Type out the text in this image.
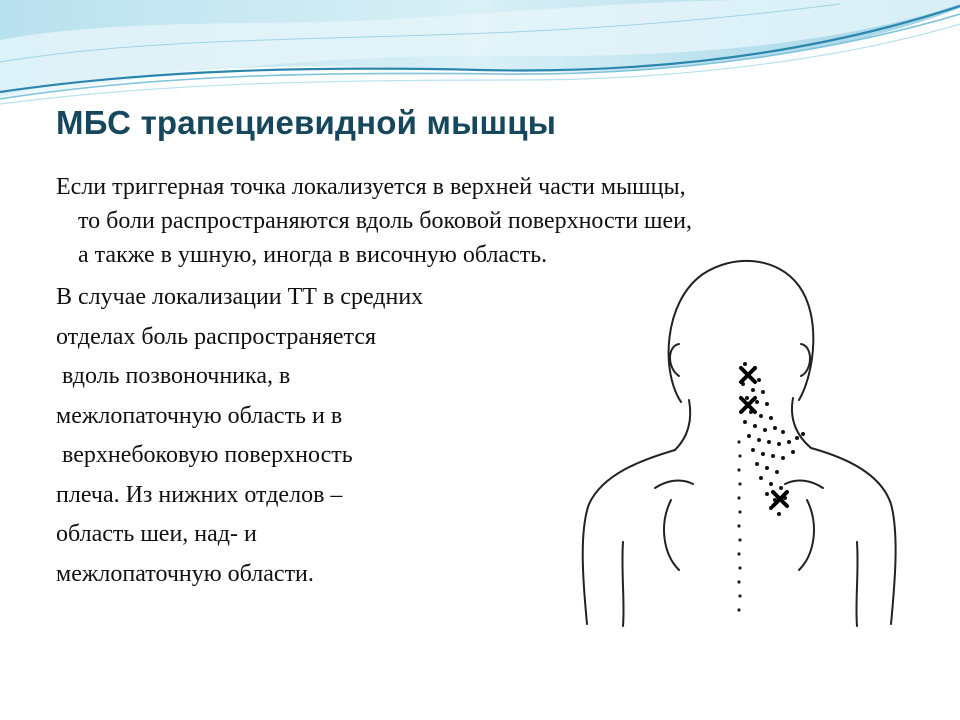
МБС трапециевидной мышцы
Если триггерная точка локализуется в верхней части мышцы,
то боли распространяются вдоль боковой поверхности шеи,
а также в ушную, иногда в височную область.
В случае локализации ТТ в средних
отделах боль распространяется
вдоль позвоночника, в
межлопаточную область и в
верхнебоковую поверхность
плеча. Из нижних отделов –
область шеи, над- и
межлопаточную области.
